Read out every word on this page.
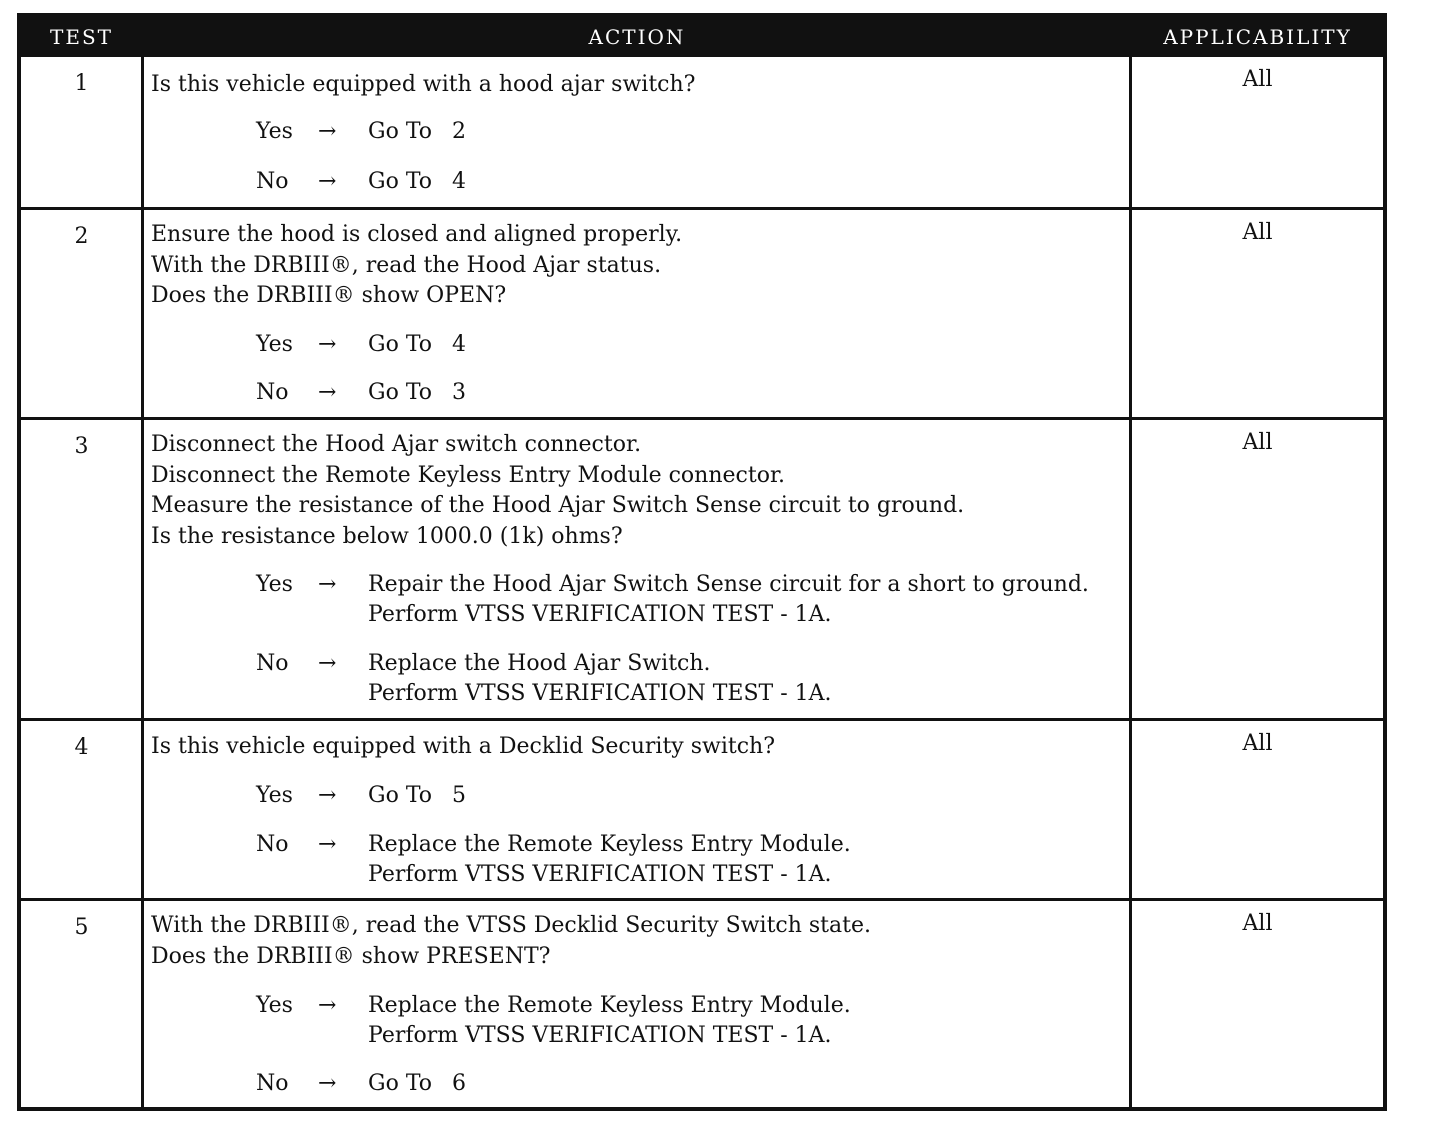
TEST	ACTION	APPLICABILITY
1	Is this vehicle equipped with a hood ajar switch?

Yes	→	Go To 2
No	→	Go To 4
All
2	Ensure the hood is closed and aligned properly.

With the DRBIII®, read the Hood Ajar status.

Does the DRBIII® show OPEN?

Yes	→	Go To 4
No	→	Go To 3
All
3	Disconnect the Hood Ajar switch connector.

Disconnect the Remote Keyless Entry Module connector.

Measure the resistance of the Hood Ajar Switch Sense circuit to ground.

Is the resistance below 1000.0 (1k) ohms?

Yes	→	Repair the Hood Ajar Switch Sense circuit for a short to ground.
Perform VTSS VERIFICATION TEST - 1A.
No	→	Replace the Hood Ajar Switch.
Perform VTSS VERIFICATION TEST - 1A.
All
4	Is this vehicle equipped with a Decklid Security switch?

Yes	→	Go To 5
No	→	Replace the Remote Keyless Entry Module.
Perform VTSS VERIFICATION TEST - 1A.
All
5	With the DRBIII®, read the VTSS Decklid Security Switch state.

Does the DRBIII® show PRESENT?

Yes	→	Replace the Remote Keyless Entry Module.
Perform VTSS VERIFICATION TEST - 1A.
No	→	Go To 6
All
